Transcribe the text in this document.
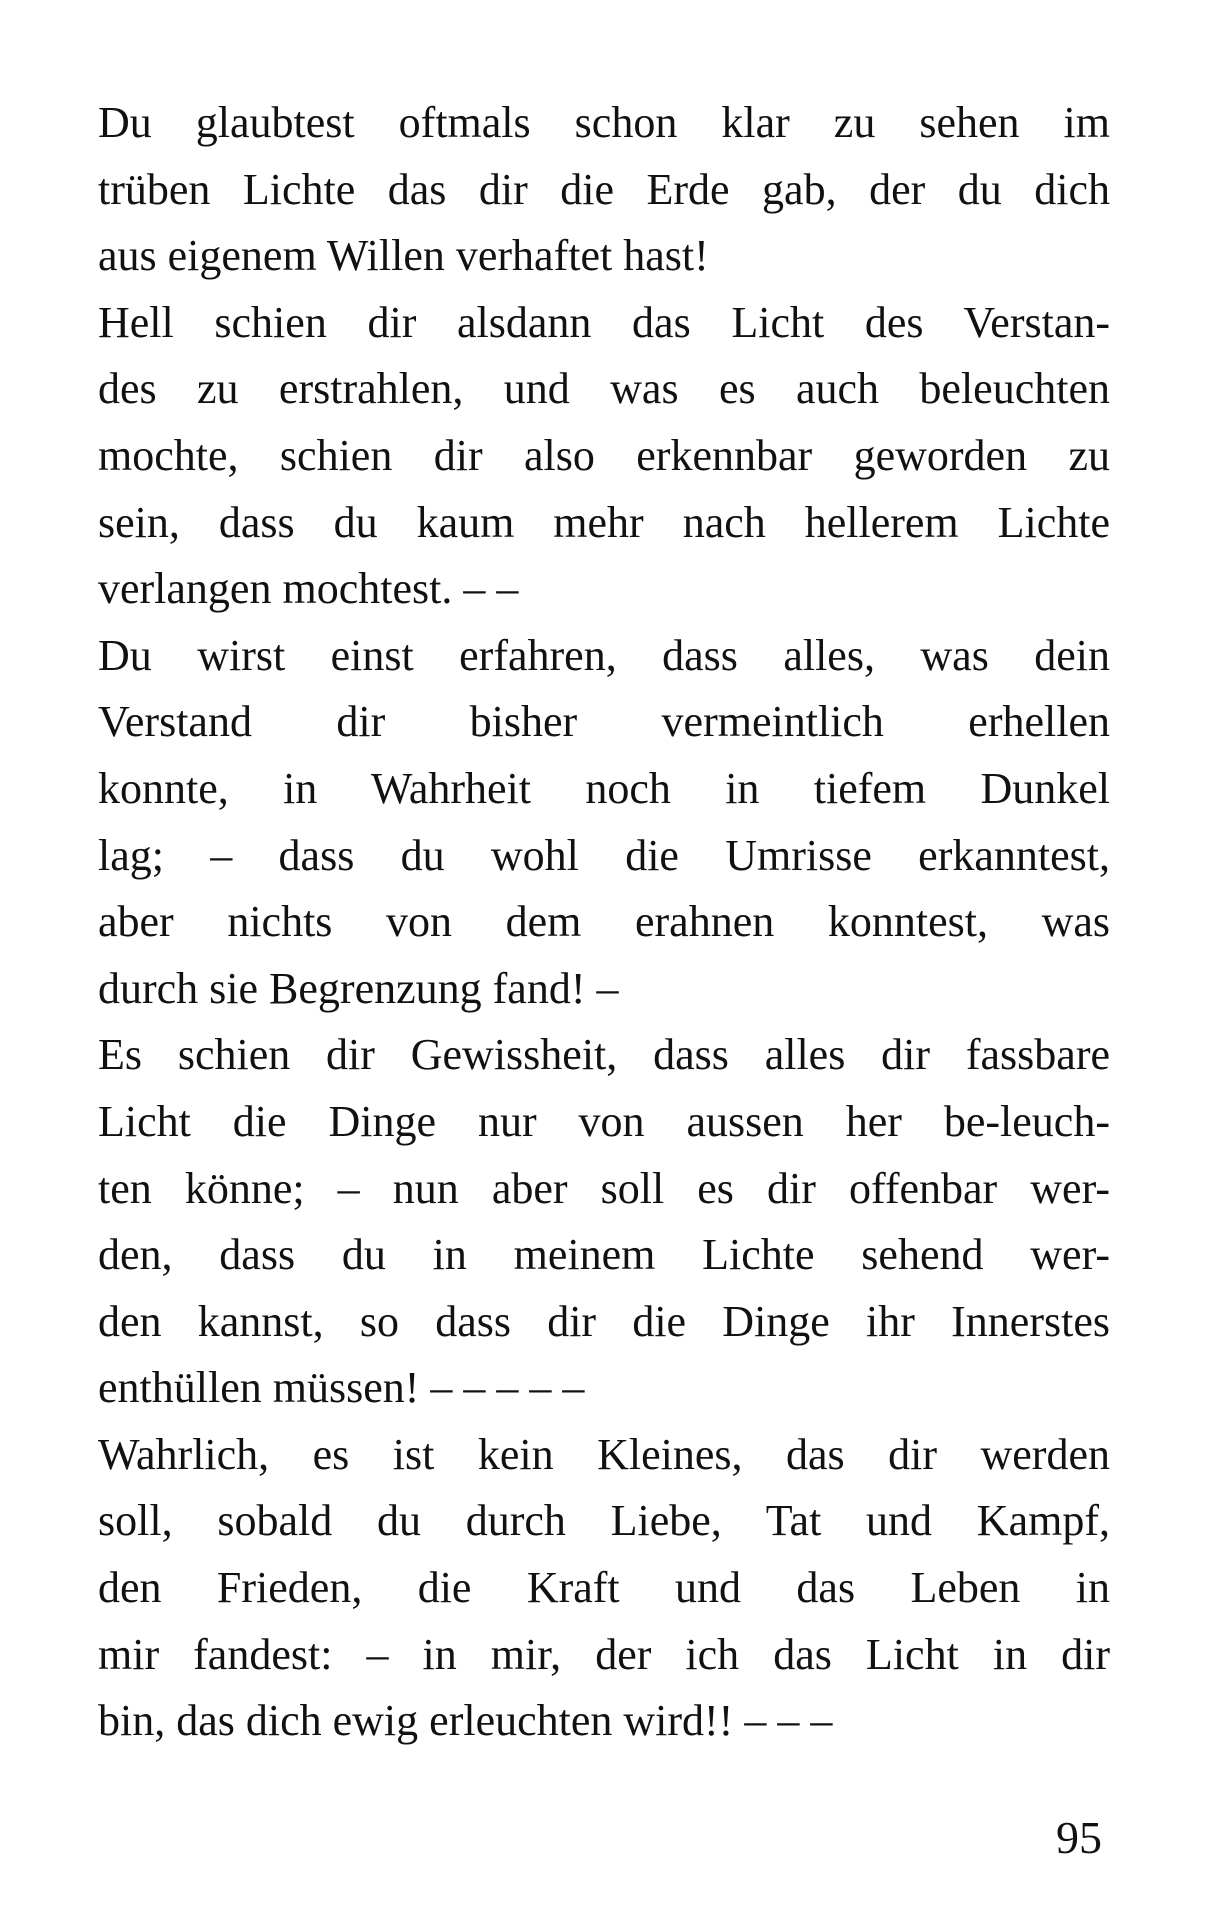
Du glaubtest oftmals schon klar zu sehen im
trüben Lichte das dir die Erde gab, der du dich
aus eigenem Willen verhaftet hast!
Hell schien dir alsdann das Licht des Verstan-
des zu erstrahlen, und was es auch beleuchten
mochte, schien dir also erkennbar geworden zu
sein, dass du kaum mehr nach hellerem Lichte
verlangen mochtest. – –
Du wirst einst erfahren, dass alles, was dein
Verstand dir bisher vermeintlich erhellen
konnte, in Wahrheit noch in tiefem Dunkel
lag; – dass du wohl die Umrisse erkanntest,
aber nichts von dem erahnen konntest, was
durch sie Begrenzung fand! –
Es schien dir Gewissheit, dass alles dir fassbare
Licht die Dinge nur von aussen her be-leuch-
ten könne; – nun aber soll es dir offenbar wer-
den, dass du in meinem Lichte sehend wer-
den kannst, so dass dir die Dinge ihr Innerstes
enthüllen müssen! – – – – –
Wahrlich, es ist kein Kleines, das dir werden
soll, sobald du durch Liebe, Tat und Kampf,
den Frieden, die Kraft und das Leben in
mir fandest: – in mir, der ich das Licht in dir
bin, das dich ewig erleuchten wird!! – – –
95
